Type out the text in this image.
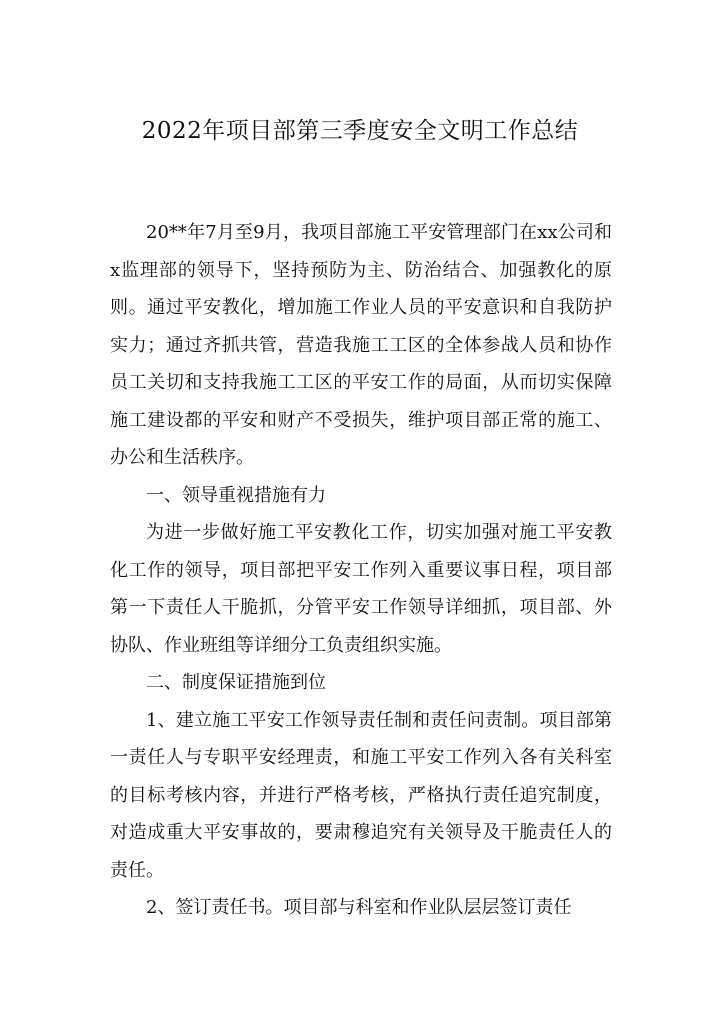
2022年项目部第三季度安全文明工作总结

20**年7月至9月，我项目部施工平安管理部门在xx公司和x监理部的领导下，坚持预防为主、防治结合、加强教化的原则。通过平安教化，增加施工作业人员的平安意识和自我防护实力；通过齐抓共管，营造我施工工区的全体参战人员和协作员工关切和支持我施工工区的平安工作的局面，从而切实保障施工建设都的平安和财产不受损失，维护项目部正常的施工、办公和生活秩序。

一、领导重视措施有力

为进一步做好施工平安教化工作，切实加强对施工平安教化工作的领导，项目部把平安工作列入重要议事日程，项目部第一下责任人干脆抓，分管平安工作领导详细抓，项目部、外协队、作业班组等详细分工负责组织实施。

二、制度保证措施到位

1、建立施工平安工作领导责任制和责任问责制。项目部第一责任人与专职平安经理责，和施工平安工作列入各有关科室的目标考核内容，并进行严格考核，严格执行责任追究制度，对造成重大平安事故的，要肃穆追究有关领导及干脆责任人的责任。

2、签订责任书。项目部与科室和作业队层层签订责任
